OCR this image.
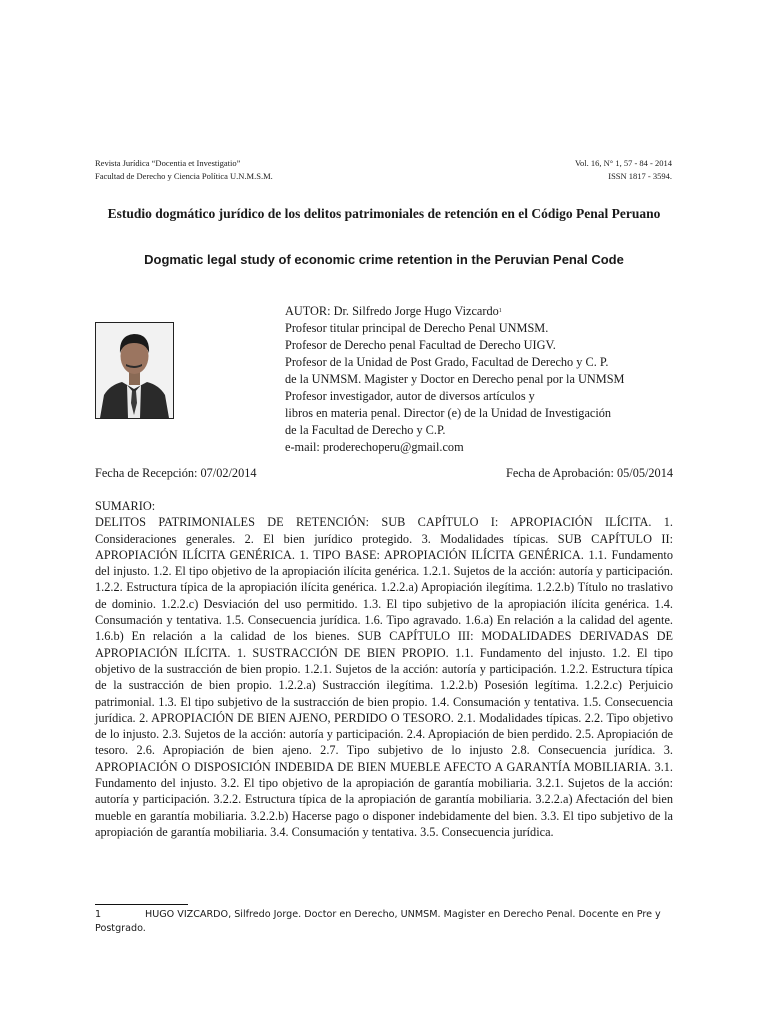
Revista Jurídica “Docentia et Investigatio”
Facultad de Derecho y Ciencia Política U.N.M.S.M.
Vol. 16, N° 1, 57 - 84 - 2014
ISSN 1817 - 3594.
Estudio dogmático jurídico de los delitos patrimoniales de retención en el Código Penal Peruano
Dogmatic legal study of economic crime retention in the Peruvian Penal Code
AUTOR: Dr. Silfredo Jorge Hugo Vizcardo$^1$
Profesor titular principal de Derecho Penal UNMSM.
Profesor de Derecho penal Facultad de Derecho UIGV.
Profesor de la Unidad de Post Grado, Facultad de Derecho y C. P.
de la UNMSM. Magister y Doctor en Derecho penal por la UNMSM
Profesor investigador, autor de diversos artículos y
libros en materia penal. Director (e) de la Unidad de Investigación
de la Facultad de Derecho y C.P.
e-mail: proderechoperu@gmail.com
Fecha de Recepción: 07/02/2014	Fecha de Aprobación: 05/05/2014
SUMARIO:
DELITOS PATRIMONIALES DE RETENCIÓN: SUB CAPÍTULO I: APROPIACIÓN ILÍCITA. 1. Consideraciones generales. 2. El bien jurídico protegido. 3. Modalidades típicas. SUB CAPÍTULO II: APROPIACIÓN ILÍCITA GENÉRICA. 1. TIPO BASE: APROPIACIÓN ILÍCITA GENÉRICA. 1.1. Fundamento del injusto. 1.2. El tipo objetivo de la apropiación ilícita genérica. 1.2.1. Sujetos de la acción: autoría y participación. 1.2.2. Estructura típica de la apropiación ilícita genérica. 1.2.2.a) Apropiación ilegítima. 1.2.2.b) Título no traslativo de dominio. 1.2.2.c) Desviación del uso permitido. 1.3. El tipo subjetivo de la apropiación ilícita genérica. 1.4. Consumación y tentativa. 1.5. Consecuencia jurídica. 1.6. Tipo agravado. 1.6.a) En relación a la calidad del agente. 1.6.b) En relación a la calidad de los bienes. SUB CAPÍTULO III: MODALIDADES DERIVADAS DE APROPIACIÓN ILÍCITA. 1. SUSTRACCIÓN DE BIEN PROPIO. 1.1. Fundamento del injusto. 1.2. El tipo objetivo de la sustracción de bien propio. 1.2.1. Sujetos de la acción: autoría y participación. 1.2.2. Estructura típica de la sustracción de bien propio. 1.2.2.a) Sustracción ilegítima. 1.2.2.b) Posesión legítima. 1.2.2.c) Perjuicio patrimonial. 1.3. El tipo subjetivo de la sustracción de bien propio. 1.4. Consumación y tentativa. 1.5. Consecuencia jurídica. 2. APROPIACIÓN DE BIEN AJENO, PERDIDO O TESORO. 2.1. Modalidades típicas. 2.2. Tipo objetivo de lo injusto. 2.3. Sujetos de la acción: autoría y participación. 2.4. Apropiación de bien perdido. 2.5. Apropiación de tesoro. 2.6. Apropiación de bien ajeno. 2.7. Tipo subjetivo de lo injusto 2.8. Consecuencia jurídica. 3. APROPIACIÓN O DISPOSICIÓN INDEBIDA DE BIEN MUEBLE AFECTO A GARANTÍA MOBILIARIA. 3.1. Fundamento del injusto. 3.2. El tipo objetivo de la apropiación de garantía mobiliaria. 3.2.1. Sujetos de la acción: autoría y participación. 3.2.2. Estructura típica de la apropiación de garantía mobiliaria. 3.2.2.a) Afectación del bien mueble en garantía mobiliaria. 3.2.2.b) Hacerse pago o disponer indebidamente del bien. 3.3. El tipo subjetivo de la apropiación de garantía mobiliaria. 3.4. Consumación y tentativa. 3.5. Consecuencia jurídica.
1	HUGO VIZCARDO, Silfredo Jorge. Doctor en Derecho, UNMSM. Magister en Derecho Penal. Docente en Pre y Postgrado.
